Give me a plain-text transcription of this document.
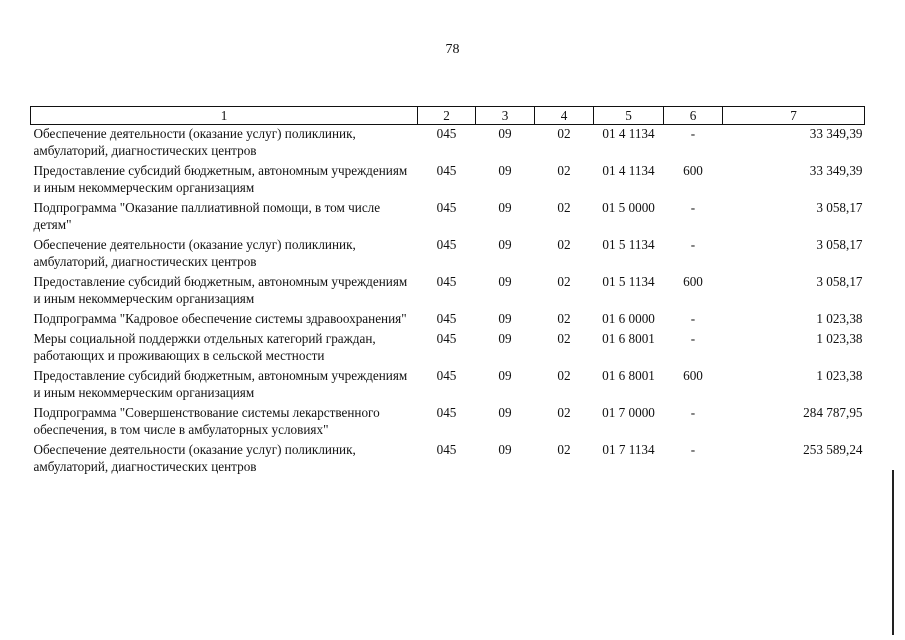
78
1	2	3	4	5	6	7
Обеспечение деятельности (оказание услуг) поликлиник, амбулаторий, диагностических центров	045	09	02	01 4 1134	-	33 349,39
Предоставление субсидий бюджетным, автономным учреждениям и иным некоммерческим организациям	045	09	02	01 4 1134	600	33 349,39
Подпрограмма "Оказание паллиативной помощи, в том числе детям"	045	09	02	01 5 0000	-	3 058,17
Обеспечение деятельности (оказание услуг) поликлиник, амбулаторий, диагностических центров	045	09	02	01 5 1134	-	3 058,17
Предоставление субсидий бюджетным, автономным учреждениям и иным некоммерческим организациям	045	09	02	01 5 1134	600	3 058,17
Подпрограмма "Кадровое обеспечение системы здравоохранения"	045	09	02	01 6 0000	-	1 023,38
Меры социальной поддержки отдельных категорий граждан, работающих и проживающих в сельской местности	045	09	02	01 6 8001	-	1 023,38
Предоставление субсидий бюджетным, автономным учреждениям и иным некоммерческим организациям	045	09	02	01 6 8001	600	1 023,38
Подпрограмма "Совершенствование системы лекарственного обеспечения, в том числе в амбулаторных условиях"	045	09	02	01 7 0000	-	284 787,95
Обеспечение деятельности (оказание услуг) поликлиник, амбулаторий, диагностических центров	045	09	02	01 7 1134	-	253 589,24
